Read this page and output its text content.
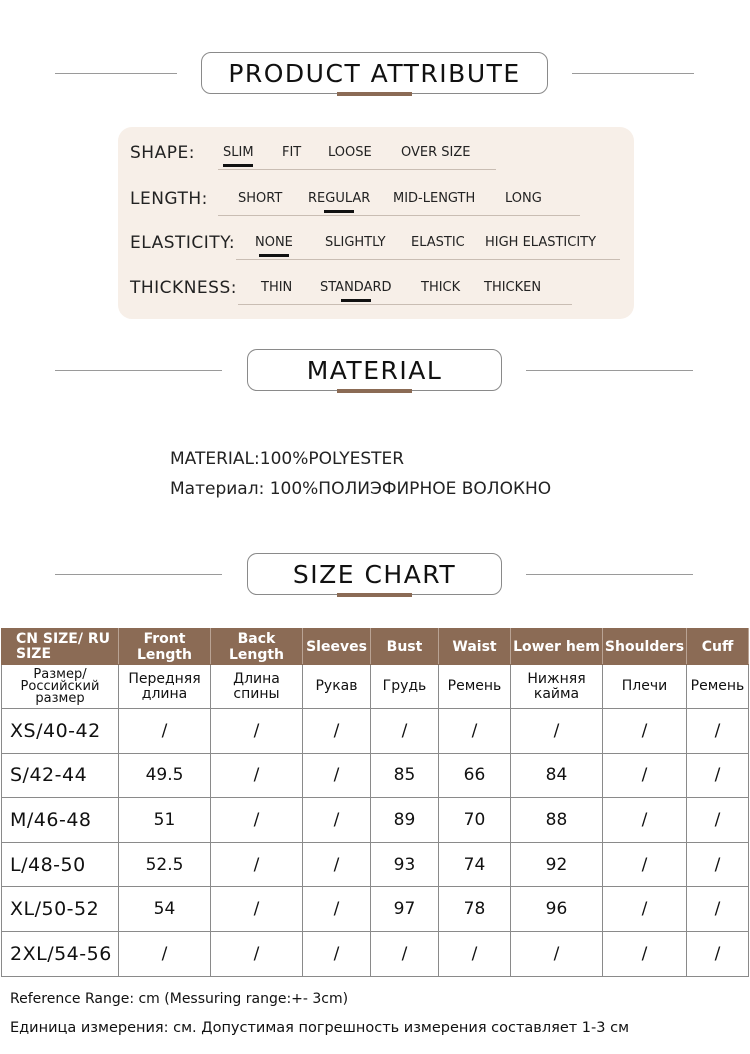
PRODUCT ATTRIBUTE
SHAPE: SLIM FIT LOOSE OVER SIZE
LENGTH: SHORT REGULAR MID-LENGTH LONG
ELASTICITY: NONE SLIGHTLY ELASTIC HIGH ELASTICITY
THICKNESS: THIN STANDARD THICK THICKEN
MATERIAL
MATERIAL:100%POLYESTER
Материал: 100%ПОЛИЭФИРНОЕ ВОЛОКНО
SIZE CHART
CN SIZE/ RU SIZE	Front Length	Back Length	Sleeves	Bust	Waist	Lower hem	Shoulders	Cuff
Размер/ Российский размер	Передняя длина	Длина спины	Рукав	Грудь	Ремень	Нижняя кайма	Плечи	Ремень
XS/40-42	/	/	/	/	/	/	/	/
S/42-44	49.5	/	/	85	66	84	/	/
M/46-48	51	/	/	89	70	88	/	/
L/48-50	52.5	/	/	93	74	92	/	/
XL/50-52	54	/	/	97	78	96	/	/
2XL/54-56	/	/	/	/	/	/	/	/
Reference Range: cm (Messuring range:+- 3cm)
Единица измерения: см. Допустимая погрешность измерения составляет 1-3 см
